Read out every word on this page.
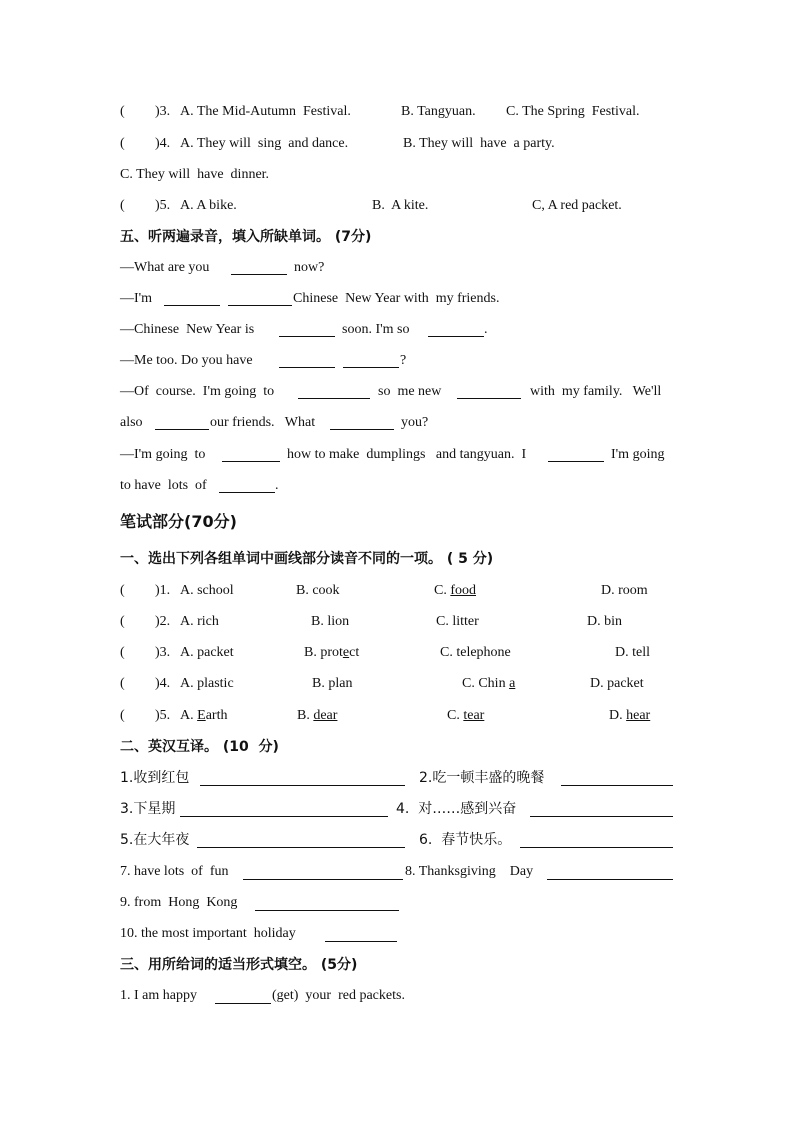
( )3. A. The Mid-Autumn  Festival.	B. Tangyuan. C. The Spring  Festival.
( )4. A. They will  sing  and dance.	B. They will  have  a party.
C. They will  have  dinner.
( )5. A. A bike.	B.  A kite.	C, A red packet.
五、听两遍录音，填入所缺单词。 (7分)
—What are you	now?
—I'm	Chinese  New Year with  my friends.
—Chinese  New Year is	soon. I'm so	.
—Me too. Do you have	?
—Of  course.  I'm going  to	so  me new	with  my family.   We'll
also	our friends.   What	you?
—I'm going  to	how to make  dumplings   and tangyuan.  I	I'm going
to have  lots  of	.
笔试部分(70分)
一、选出下列各组单词中画线部分读音不同的一项。 ( 5 分)
( )1. A. school	B. cook	C. food	D. room
( )2. A. rich	B. lion	C. litter	D. bin
( )3. A. packet	B. protect	C. telephone	D. tell
( )4. A. plastic	B. plan	C. Chin a	D. packet
( )5. A. Earth	B. dear	C. tear	D. hear
二、英汉互译。 (10  分)
1.收到红包	2.吃一顿丰盛的晚餐
3.下星期	4.  对……感到兴奋
5.在大年夜	6.  春节快乐。
7. have lots  of  fun	8. Thanksgiving    Day
9. from  Hong  Kong
10. the most important  holiday
三、用所给词的适当形式填空。 (5分)
1. I am happy	(get)  your  red packets.
